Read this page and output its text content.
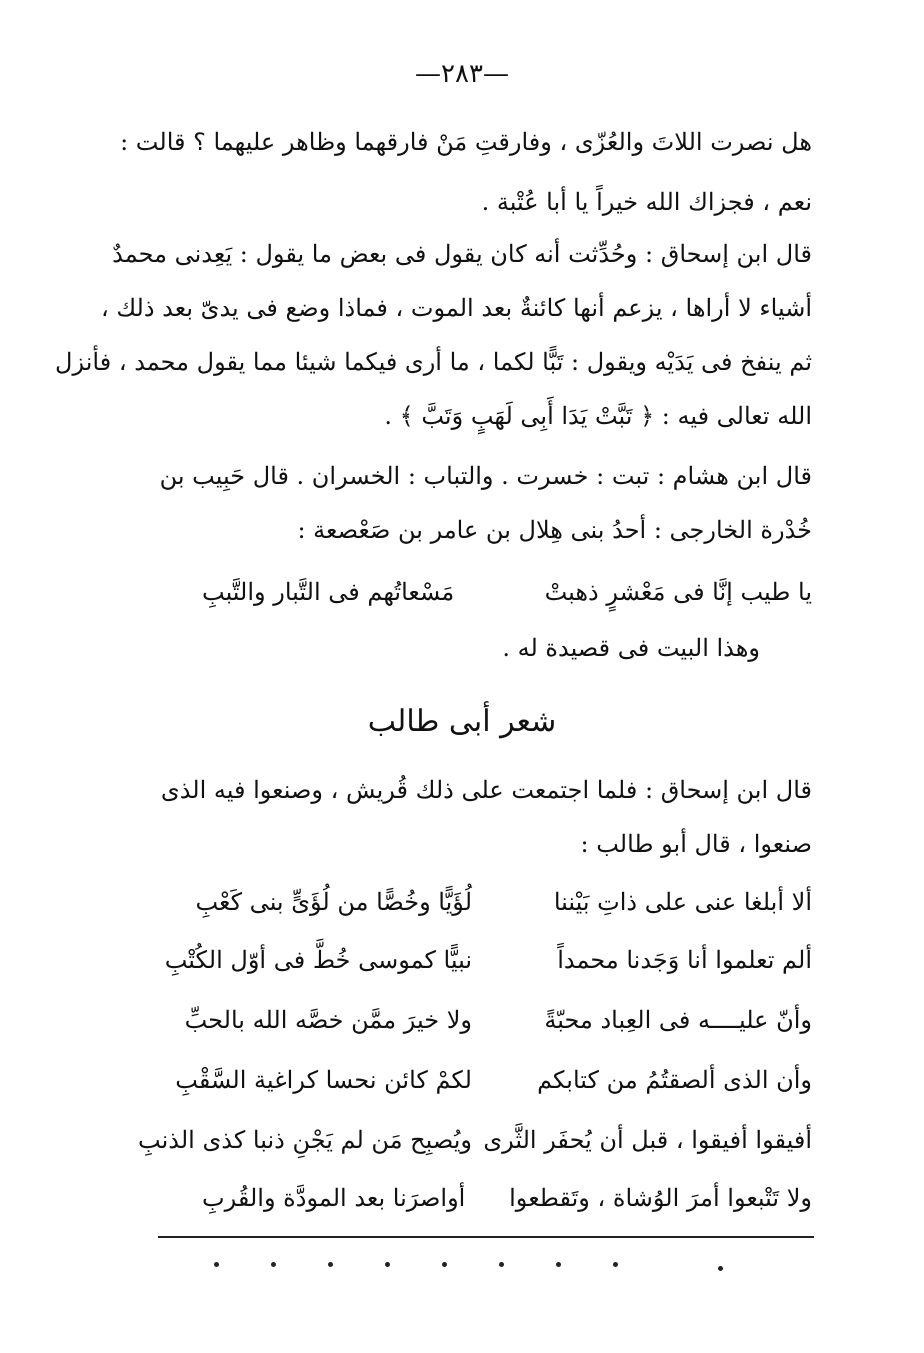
—٢٨٣—
هل نصرت اللاتَ والعُزّى ، وفارقتِ مَنْ فارقهما وظاهر عليهما ؟ قالت :
نعم ، فجزاك الله خيراً يا أبا عُتْبة .
قال ابن إسحاق : وحُدِّثت أنه كان يقول فى بعض ما يقول : يَعِدنى محمدٌ
أشياء لا أراها ، يزعم أنها كائنةٌ بعد الموت ، فماذا وضع فى يدىّ بعد ذلك ،
ثم ينفخ فى يَدَيْه ويقول : تَبًّا لكما ، ما أرى فيكما شيئا مما يقول محمد ، فأنزل
الله تعالى فيه : ﴿ تَبَّتْ يَدَا أَبِى لَهَبٍ وَتَبَّ ﴾ .
قال ابن هشام : تبت : خسرت . والتباب : الخسران . قال حَبِيب بن
خُدْرة الخارجى : أحدُ بنى هِلال بن عامر بن صَعْصعة :
يا طيب إنَّا فى مَعْشرٍ ذهبتْ
مَسْعاتُهم فى التَّبار والتَّببِ
وهذا البيت فى قصيدة له .
شعر أبى طالب
قال ابن إسحاق : فلما اجتمعت على ذلك قُريش ، وصنعوا فيه الذى
صنعوا ، قال أبو طالب :
ألا أبلغا عنى على ذاتِ بَيْننا
لُؤَيًّا وخُصًّا من لُؤَىٍّ بنى كَعْبِ
ألم تعلموا أنا وَجَدنا محمداً
نبيًّا كموسى خُطَّ فى أوّل الكُتْبِ
وأنّ عليــــه فى العِباد محبّةً
ولا خيرَ ممَّن خصَّه الله بالحبِّ
وأن الذى ألصقتُمُ من كتابكم
لكمْ كائن نحسا كراغية السَّقْبِ
أفيقوا أفيقوا ، قبل أن يُحفَر الثَّرى
ويُصبِح مَن لم يَجْنِ ذنبا كذى الذنبِ
ولا تَتْبعوا أمرَ الوُشاة ، وتَقطعوا
أواصرَنا بعد المودَّة والقُربِ
